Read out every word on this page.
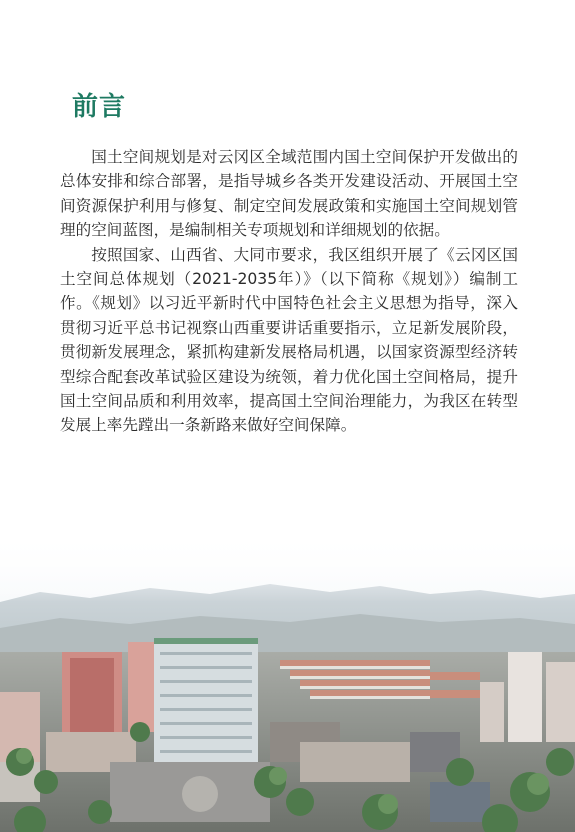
前言

国土空间规划是对云冈区全域范围内国土空间保护开发做出的总体安排和综合部署，是指导城乡各类开发建设活动、开展国土空间资源保护利用与修复、制定空间发展政策和实施国土空间规划管理的空间蓝图，是编制相关专项规划和详细规划的依据。

按照国家、山西省、大同市要求，我区组织开展了《云冈区国土空间总体规划（2021-2035年）》（以下简称《规划》）编制工作。《规划》以习近平新时代中国特色社会主义思想为指导，深入贯彻习近平总书记视察山西重要讲话重要指示，立足新发展阶段，贯彻新发展理念，紧抓构建新发展格局机遇，以国家资源型经济转型综合配套改革试验区建设为统领，着力优化国土空间格局，提升国土空间品质和利用效率，提高国土空间治理能力，为我区在转型发展上率先蹚出一条新路来做好空间保障。
